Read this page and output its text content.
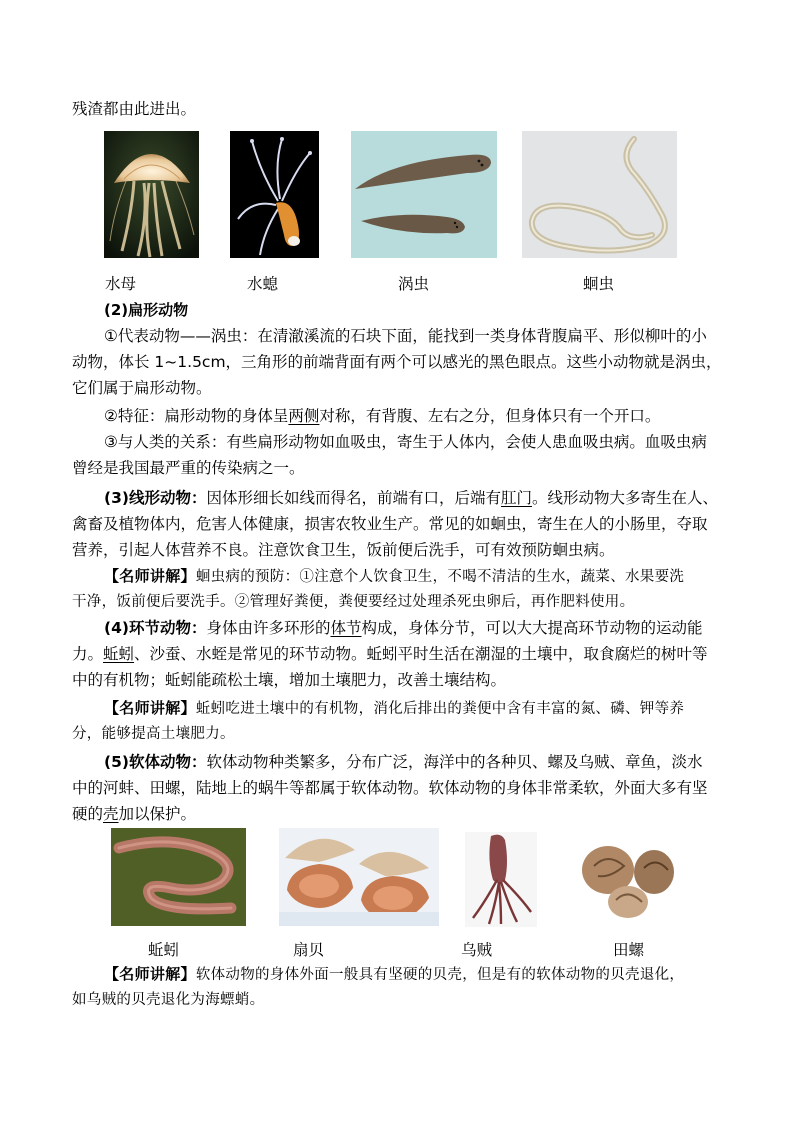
残渣都由此进出。
水母	水螅	涡虫	蛔虫
(2)扁形动物
①代表动物——涡虫：在清澈溪流的石块下面，能找到一类身体背腹扁平、形似柳叶的小
动物，体长 1~1.5cm，三角形的前端背面有两个可以感光的黑色眼点。这些小动物就是涡虫，
它们属于扁形动物。
②特征：扁形动物的身体呈两侧对称，有背腹、左右之分，但身体只有一个开口。
③与人类的关系：有些扁形动物如血吸虫，寄生于人体内，会使人患血吸虫病。血吸虫病
曾经是我国最严重的传染病之一。
(3)线形动物：因体形细长如线而得名，前端有口，后端有肛门。线形动物大多寄生在人、
禽畜及植物体内，危害人体健康，损害农牧业生产。常见的如蛔虫，寄生在人的小肠里，夺取
营养，引起人体营养不良。注意饮食卫生，饭前便后洗手，可有效预防蛔虫病。
【名师讲解】蛔虫病的预防：①注意个人饮食卫生，不喝不清洁的生水，蔬菜、水果要洗
干净，饭前便后要洗手。②管理好粪便，粪便要经过处理杀死虫卵后，再作肥料使用。
(4)环节动物：身体由许多环形的体节构成，身体分节，可以大大提高环节动物的运动能
力。蚯蚓、沙蚕、水蛭是常见的环节动物。蚯蚓平时生活在潮湿的土壤中，取食腐烂的树叶等
中的有机物；蚯蚓能疏松土壤，增加土壤肥力，改善土壤结构。
【名师讲解】蚯蚓吃进土壤中的有机物，消化后排出的粪便中含有丰富的氮、磷、钾等养
分，能够提高土壤肥力。
(5)软体动物：软体动物种类繁多，分布广泛，海洋中的各种贝、螺及乌贼、章鱼，淡水
中的河蚌、田螺，陆地上的蜗牛等都属于软体动物。软体动物的身体非常柔软，外面大多有坚
硬的壳加以保护。
蚯蚓	扇贝	乌贼	田螺
【名师讲解】软体动物的身体外面一般具有坚硬的贝壳，但是有的软体动物的贝壳退化，
如乌贼的贝壳退化为海螵蛸。
